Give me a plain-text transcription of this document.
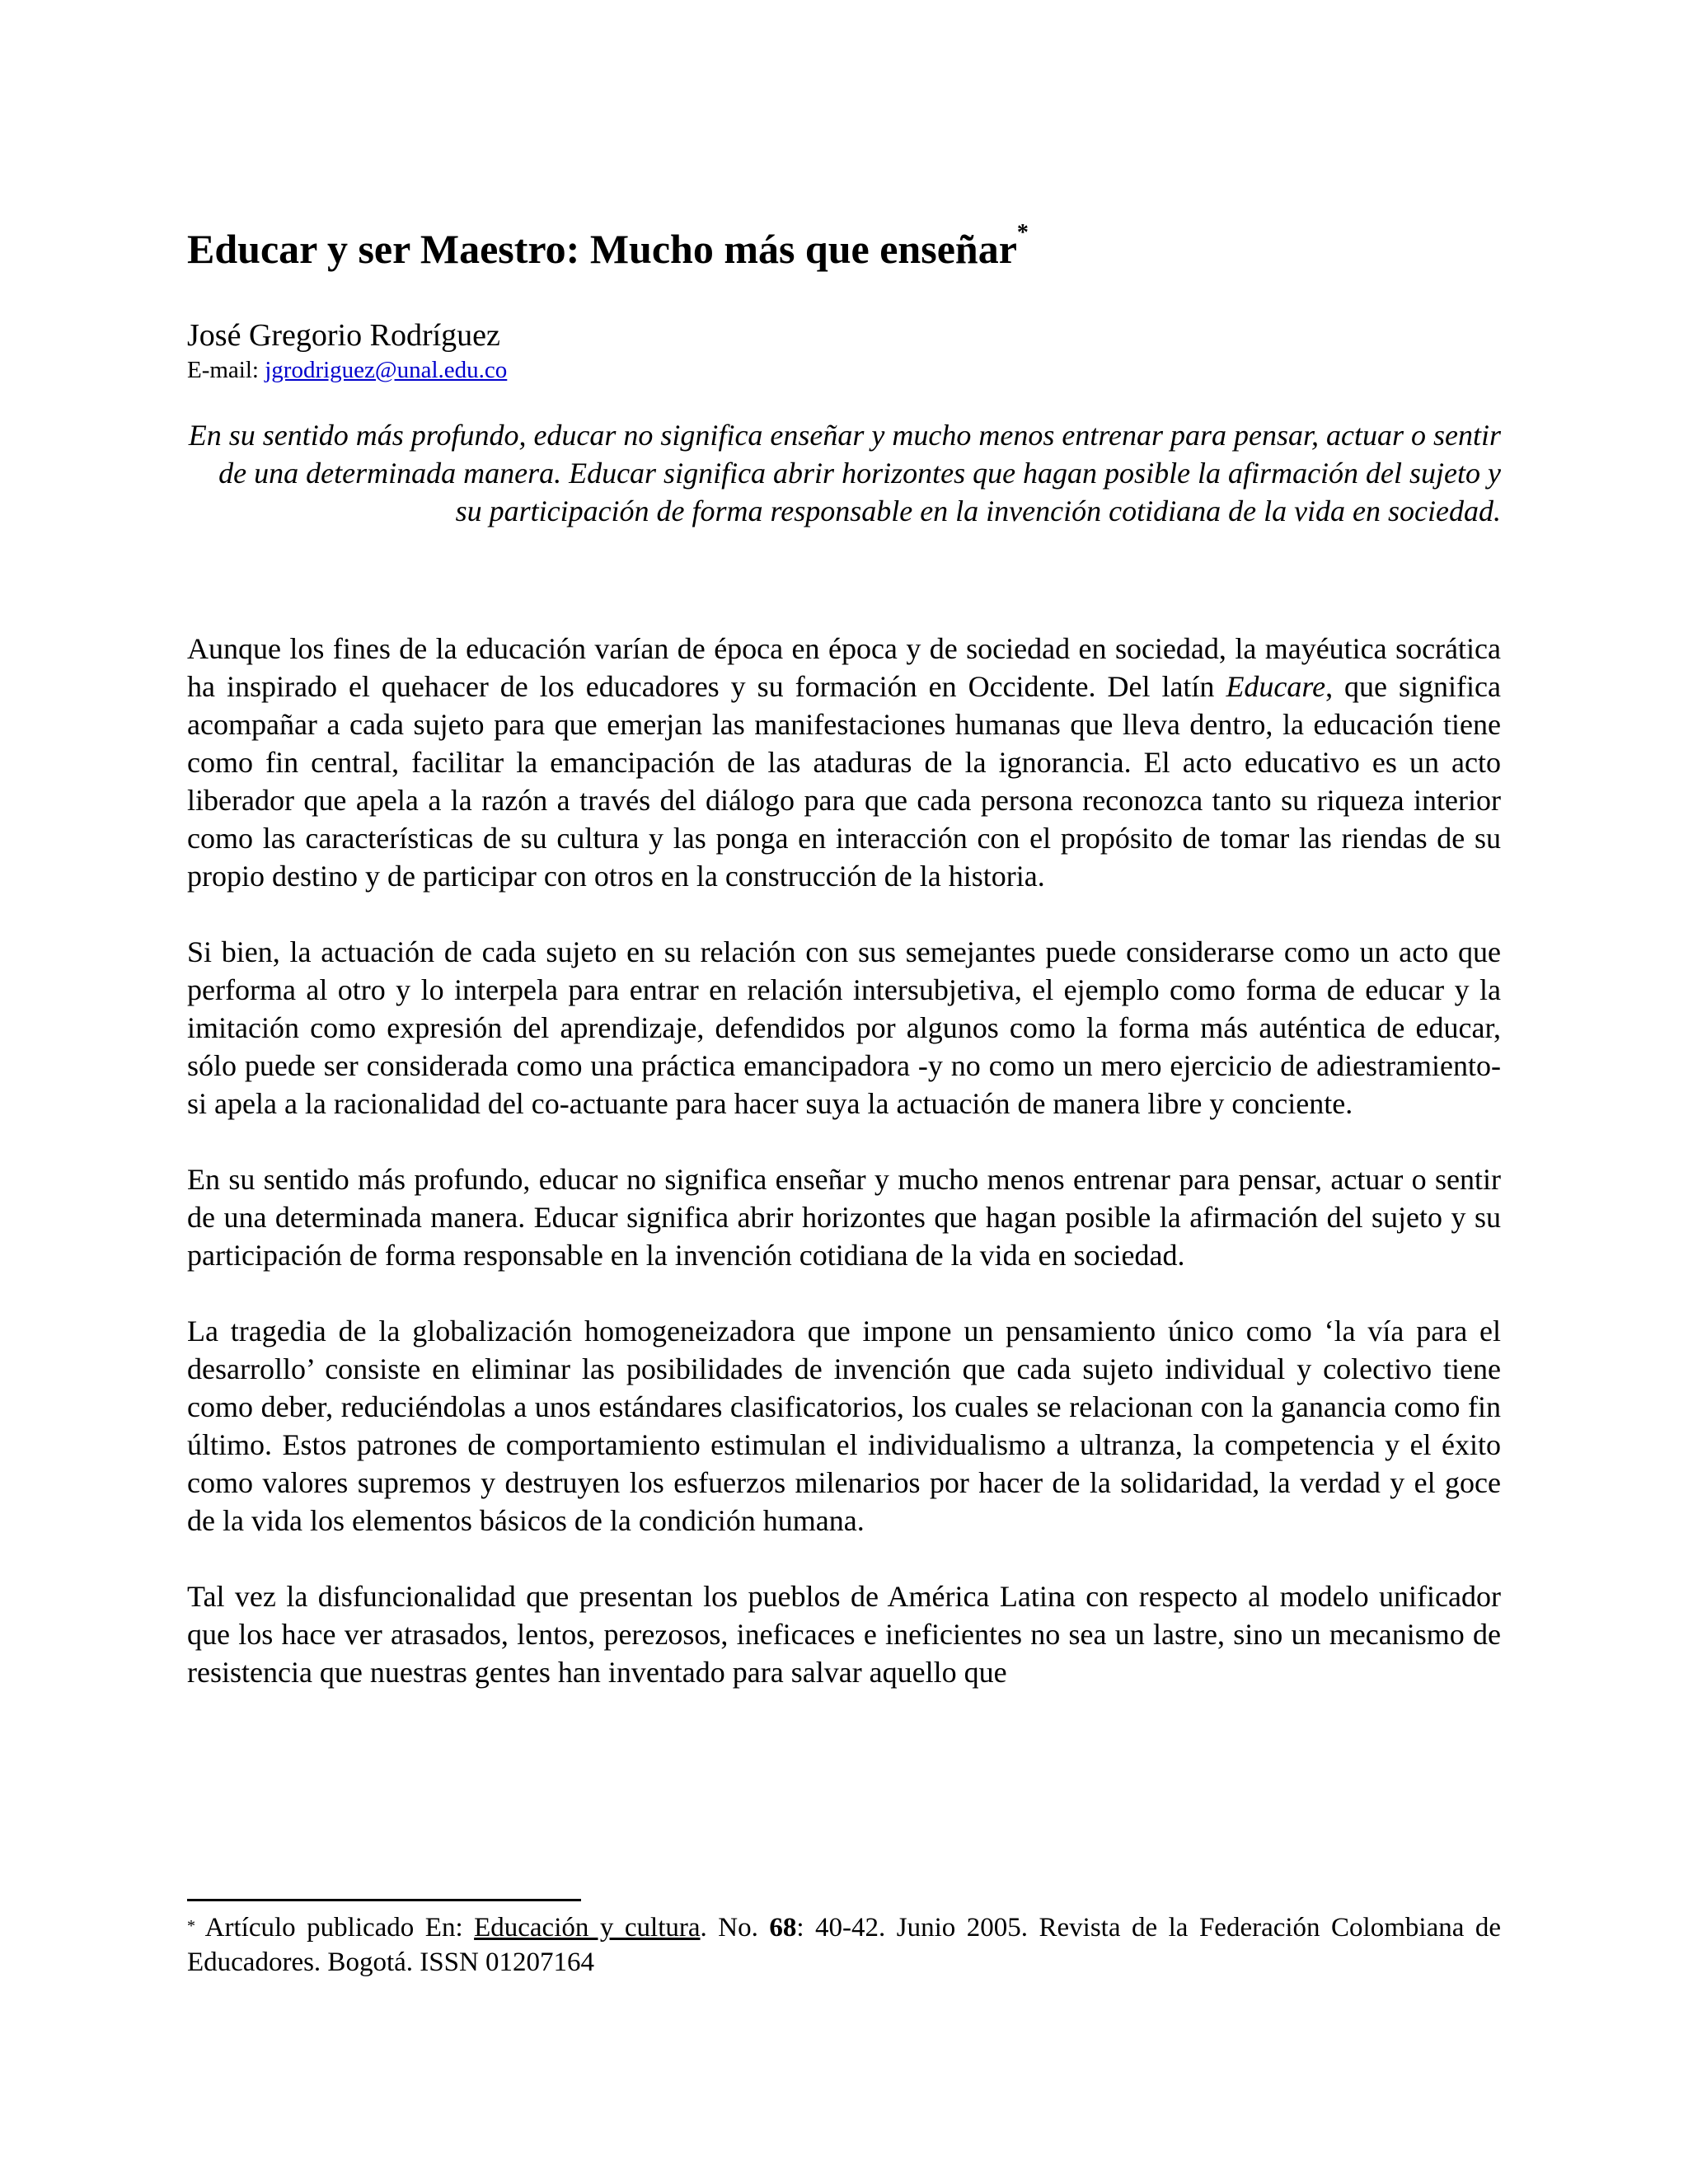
Educar y ser Maestro: Mucho más que enseñar*
José Gregorio Rodríguez
E-mail: jgrodriguez@unal.edu.co

En su sentido más profundo, educar no significa enseñar y mucho menos entrenar para pensar, actuar o sentir de una determinada manera. Educar significa abrir horizontes que hagan posible la afirmación del sujeto y su participación de forma responsable en la invención cotidiana de la vida en sociedad.

Aunque los fines de la educación varían de época en época y de sociedad en sociedad, la mayéutica socrática ha inspirado el quehacer de los educadores y su formación en Occidente. Del latín Educare, que significa acompañar a cada sujeto para que emerjan las manifestaciones humanas que lleva dentro, la educación tiene como fin central, facilitar la emancipación de las ataduras de la ignorancia. El acto educativo es un acto liberador que apela a la razón a través del diálogo para que cada persona reconozca tanto su riqueza interior como las características de su cultura y las ponga en interacción con el propósito de tomar las riendas de su propio destino y de participar con otros en la construcción de la historia.

Si bien, la actuación de cada sujeto en su relación con sus semejantes puede considerarse como un acto que performa al otro y lo interpela para entrar en relación intersubjetiva, el ejemplo como forma de educar y la imitación como expresión del aprendizaje, defendidos por algunos como la forma más auténtica de educar, sólo puede ser considerada como una práctica emancipadora -y no como un mero ejercicio de adiestramiento- si apela a la racionalidad del co-actuante para hacer suya la actuación de manera libre y conciente.

En su sentido más profundo, educar no significa enseñar y mucho menos entrenar para pensar, actuar o sentir de una determinada manera. Educar significa abrir horizontes que hagan posible la afirmación del sujeto y su participación de forma responsable en la invención cotidiana de la vida en sociedad.

La tragedia de la globalización homogeneizadora que impone un pensamiento único como ‘la vía para el desarrollo’ consiste en eliminar las posibilidades de invención que cada sujeto individual y colectivo tiene como deber, reduciéndolas a unos estándares clasificatorios, los cuales se relacionan con la ganancia como fin último. Estos patrones de comportamiento estimulan el individualismo a ultranza, la competencia y el éxito como valores supremos y destruyen los esfuerzos milenarios por hacer de la solidaridad, la verdad y el goce de la vida los elementos básicos de la condición humana.

Tal vez la disfuncionalidad que presentan los pueblos de América Latina con respecto al modelo unificador que los hace ver atrasados, lentos, perezosos, ineficaces e ineficientes no sea un lastre, sino un mecanismo de resistencia que nuestras gentes han inventado para salvar aquello que

* Artículo publicado En: Educación y cultura. No. 68: 40-42. Junio 2005. Revista de la Federación Colombiana de Educadores. Bogotá. ISSN 01207164
